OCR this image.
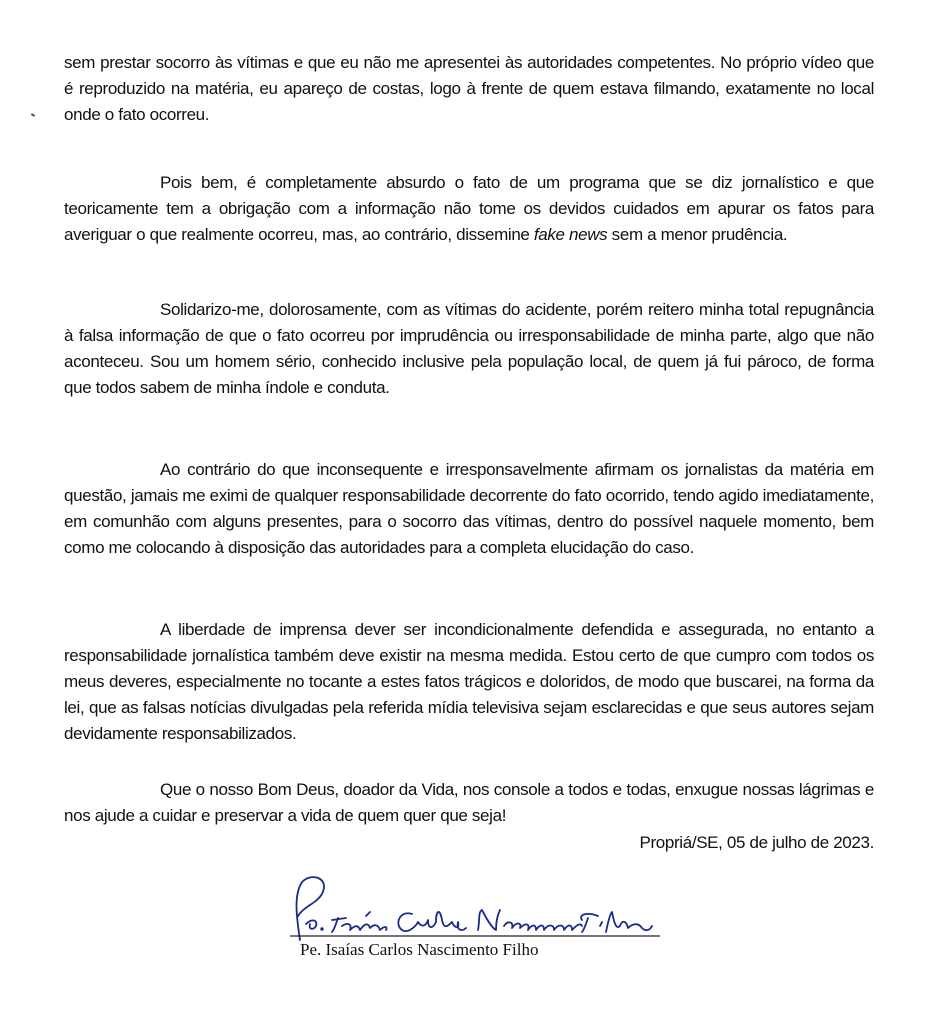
sem prestar socorro às vítimas e que eu não me apresentei às autoridades competentes. No próprio vídeo que é reproduzido na matéria, eu apareço de costas, logo à frente de quem estava filmando, exatamente no local onde o fato ocorreu.

Pois bem, é completamente absurdo o fato de um programa que se diz jornalístico e que teoricamente tem a obrigação com a informação não tome os devidos cuidados em apurar os fatos para averiguar o que realmente ocorreu, mas, ao contrário, dissemine fake news sem a menor prudência.

Solidarizo-me, dolorosamente, com as vítimas do acidente, porém reitero minha total repugnância à falsa informação de que o fato ocorreu por imprudência ou irresponsabilidade de minha parte, algo que não aconteceu. Sou um homem sério, conhecido inclusive pela população local, de quem já fui pároco, de forma que todos sabem de minha índole e conduta.

Ao contrário do que inconsequente e irresponsavelmente afirmam os jornalistas da matéria em questão, jamais me eximi de qualquer responsabilidade decorrente do fato ocorrido, tendo agido imediatamente, em comunhão com alguns presentes, para o socorro das vítimas, dentro do possível naquele momento, bem como me colocando à disposição das autoridades para a completa elucidação do caso.

A liberdade de imprensa dever ser incondicionalmente defendida e assegurada, no entanto a responsabilidade jornalística também deve existir na mesma medida. Estou certo de que cumpro com todos os meus deveres, especialmente no tocante a estes fatos trágicos e doloridos, de modo que buscarei, na forma da lei, que as falsas notícias divulgadas pela referida mídia televisiva sejam esclarecidas e que seus autores sejam devidamente responsabilizados.

Que o nosso Bom Deus, doador da Vida, nos console a todos e todas, enxugue nossas lágrimas e nos ajude a cuidar e preservar a vida de quem quer que seja!

Propriá/SE, 05 de julho de 2023.
Pe. Isaías Carlos Nascimento Filho
